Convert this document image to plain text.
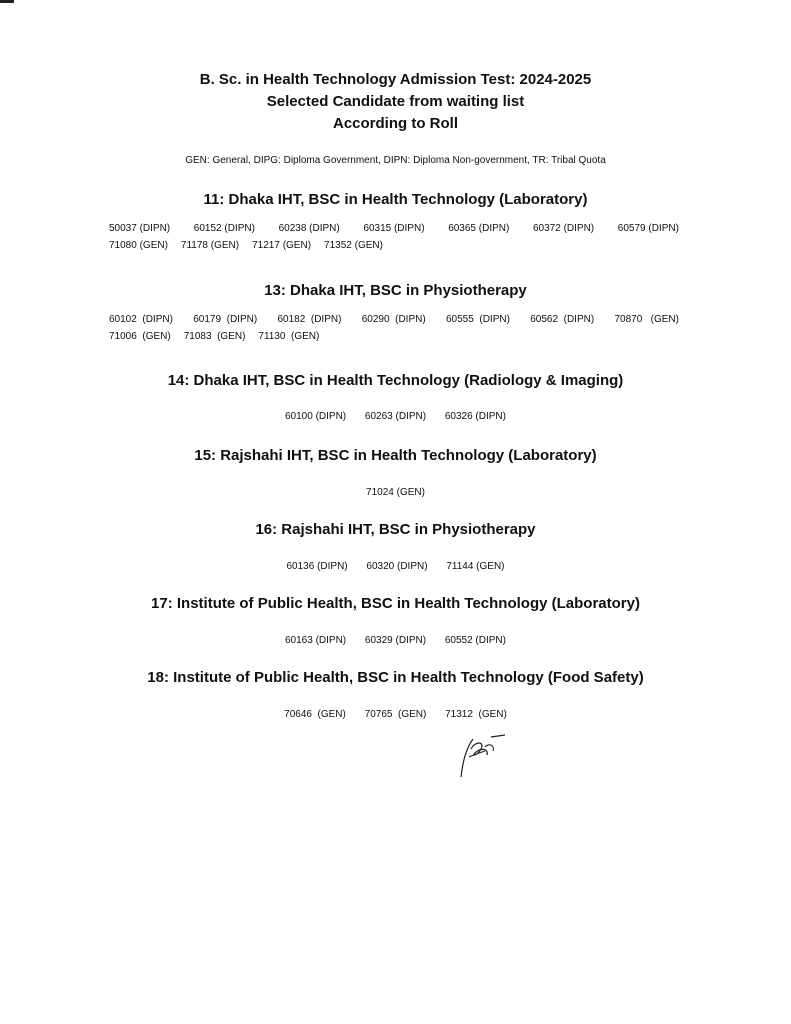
B. Sc. in Health Technology Admission Test: 2024-2025

Selected Candidate from waiting list

According to Roll

GEN: General, DIPG: Diploma Government, DIPN: Diploma Non-government, TR: Tribal Quota

11: Dhaka IHT, BSC in Health Technology (Laboratory)

50037 (DIPN) 60152 (DIPN) 60238 (DIPN) 60315 (DIPN) 60365 (DIPN) 60372 (DIPN) 60579 (DIPN)
71080 (GEN) 71178 (GEN) 71217 (GEN) 71352 (GEN)

13: Dhaka IHT, BSC in Physiotherapy

60102  (DIPN) 60179  (DIPN) 60182  (DIPN) 60290  (DIPN) 60555  (DIPN) 60562  (DIPN) 70870   (GEN)
71006  (GEN) 71083  (GEN) 71130  (GEN)

14: Dhaka IHT, BSC in Health Technology (Radiology & Imaging)

60100 (DIPN) 60263 (DIPN) 60326 (DIPN)

15: Rajshahi IHT, BSC in Health Technology (Laboratory)

71024 (GEN)

16: Rajshahi IHT, BSC in Physiotherapy

60136 (DIPN) 60320 (DIPN) 71144 (GEN)

17: Institute of Public Health, BSC in Health Technology (Laboratory)

60163 (DIPN) 60329 (DIPN) 60552 (DIPN)

18: Institute of Public Health, BSC in Health Technology (Food Safety)

70646  (GEN) 70765  (GEN) 71312  (GEN)
